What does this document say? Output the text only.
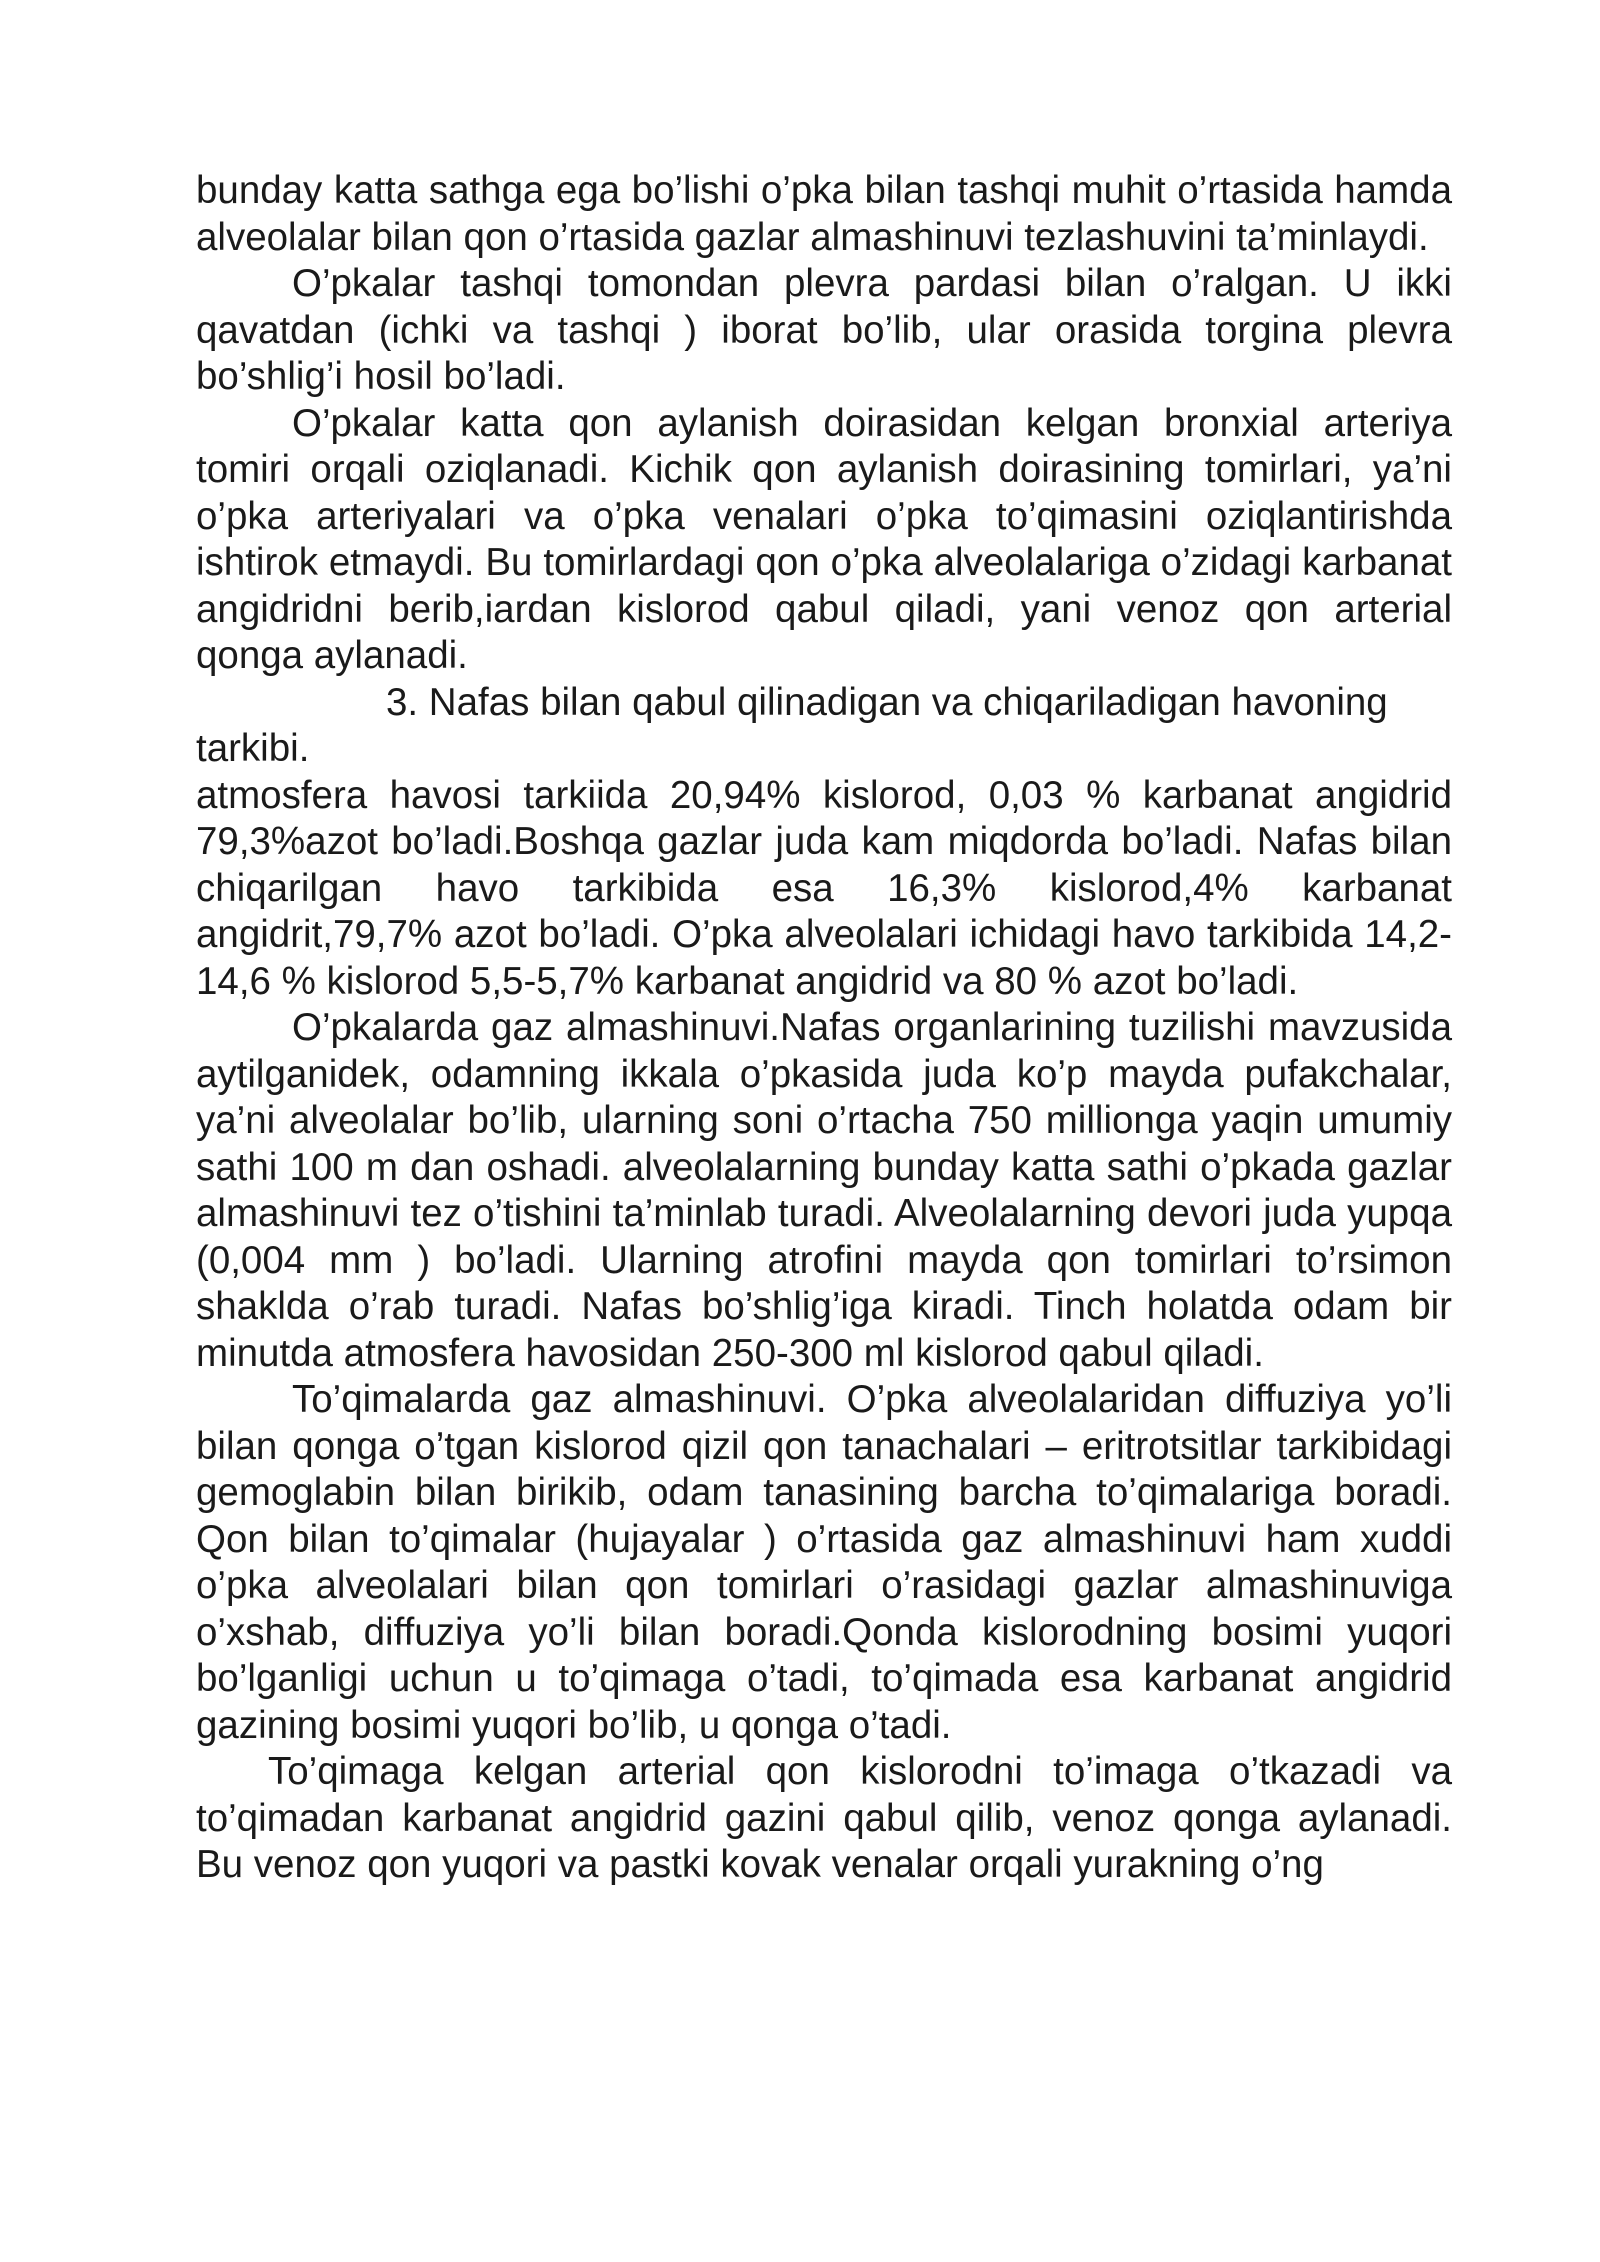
bunday katta sathga ega bo’lishi o’pka bilan tashqi muhit o’rtasida hamda alveolalar bilan qon o’rtasida gazlar almashinuvi tezlashuvini ta’minlaydi.

O’pkalar tashqi tomondan plevra pardasi bilan o’ralgan. U ikki qavatdan (ichki va tashqi ) iborat bo’lib, ular orasida torgina plevra bo’shlig’i hosil bo’ladi.

O’pkalar katta qon aylanish doirasidan kelgan bronxial arteriya tomiri orqali oziqlanadi. Kichik qon aylanish doirasining tomirlari, ya’ni o’pka arteriyalari va o’pka venalari o’pka to’qimasini oziqlantirishda ishtirok etmaydi. Bu tomirlardagi qon o’pka alveolalariga o’zidagi karbanat angidridni berib,iardan kislorod qabul qiladi, yani venoz qon arterial qonga aylanadi.

3. Nafas bilan qabul qilinadigan va chiqariladigan havoning

tarkibi.

atmosfera havosi tarkiida 20,94% kislorod, 0,03 % karbanat angidrid 79,3%azot bo’ladi.Boshqa gazlar juda kam miqdorda bo’ladi. Nafas bilan chiqarilgan havo tarkibida esa 16,3% kislorod,4% karbanat angidrit,79,7% azot bo’ladi. O’pka alveolalari ichidagi havo tarkibida 14,2-14,6 % kislorod 5,5-5,7% karbanat angidrid va 80 % azot bo’ladi.

O’pkalarda gaz almashinuvi.Nafas organlarining tuzilishi mavzusida aytilganidek, odamning ikkala o’pkasida juda ko’p mayda pufakchalar, ya’ni alveolalar bo’lib, ularning soni o’rtacha 750 millionga yaqin umumiy sathi 100 m dan oshadi. alveolalarning bunday katta sathi o’pkada gazlar almashinuvi tez o’tishini ta’minlab turadi. Alveolalarning devori juda yupqa (0,004 mm ) bo’ladi. Ularning atrofini mayda qon tomirlari to’rsimon shakldа o’rab turadi. Nafas bo’shlig’iga kiradi. Tinch holatda odam bir minutda atmosfera havosidan 250-300 ml kislorod qabul qiladi.

To’qimalarda gaz almashinuvi. O’pka alveolalaridan diffuziya yo’li bilan qonga o’tgan kislorod qizil qon tanachalari – eritrotsitlar tarkibidagi gemoglabin bilan birikib, odam tanasining barcha to’qimalariga boradi. Qon bilan to’qimalar (hujayalar ) o’rtasida gaz almashinuvi ham xuddi o’pka alveolalari bilan qon tomirlari o’rasidagi gazlar almashinuviga o’xshab, diffuziya yo’li bilan boradi.Qonda kislorodning bosimi yuqori bo’lganligi uchun u to’qimaga o’tadi, to’qimada esa karbanat angidrid gazining bosimi yuqori bo’lib, u qonga o’tadi.

To’qimaga kelgan arterial qon kislorodni to’imaga o’tkazadi va to’qimadan karbanat angidrid gazini qabul qilib, venoz qonga aylanadi. Bu venoz qon yuqori va pastki kovak venalar orqali yurakning o’ng
